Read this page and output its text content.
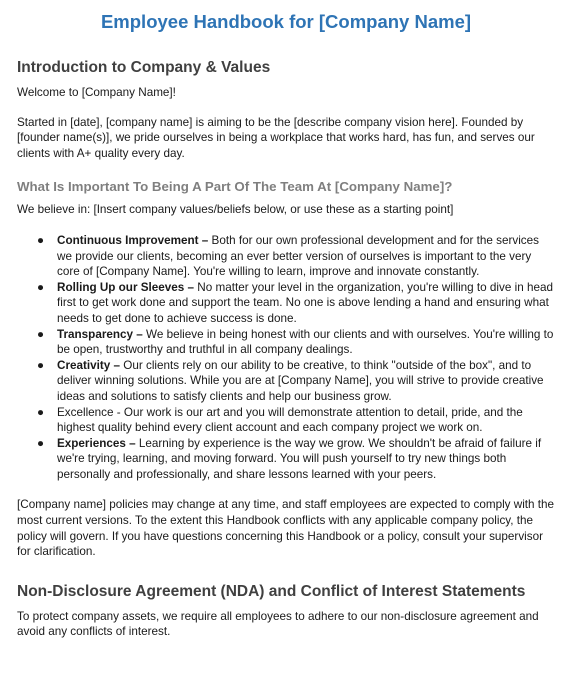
Employee Handbook for [Company Name]
Introduction to Company & Values

Welcome to [Company Name]!

Started in [date], [company name] is aiming to be the [describe company vision here]. Founded by [founder name(s)], we pride ourselves in being a workplace that works hard, has fun, and serves our clients with A+ quality every day.

What Is Important To Being A Part Of The Team At [Company Name]?

We believe in: [Insert company values/beliefs below, or use these as a starting point]

● Continuous Improvement – Both for our own professional development and for the services we provide our clients, becoming an ever better version of ourselves is important to the very core of [Company Name]. You're willing to learn, improve and innovate constantly.
● Rolling Up our Sleeves – No matter your level in the organization, you're willing to dive in head first to get work done and support the team. No one is above lending a hand and ensuring what needs to get done to achieve success is done.
● Transparency – We believe in being honest with our clients and with ourselves. You're willing to be open, trustworthy and truthful in all company dealings.
● Creativity – Our clients rely on our ability to be creative, to think "outside of the box", and to deliver winning solutions. While you are at [Company Name], you will strive to provide creative ideas and solutions to satisfy clients and help our business grow.
● Excellence - Our work is our art and you will demonstrate attention to detail, pride, and the highest quality behind every client account and each company project we work on.
● Experiences – Learning by experience is the way we grow. We shouldn't be afraid of failure if we're trying, learning, and moving forward. You will push yourself to try new things both personally and professionally, and share lessons learned with your peers.

[Company name] policies may change at any time, and staff employees are expected to comply with the most current versions. To the extent this Handbook conflicts with any applicable company policy, the policy will govern. If you have questions concerning this Handbook or a policy, consult your supervisor for clarification.

Non-Disclosure Agreement (NDA) and Conflict of Interest Statements

To protect company assets, we require all employees to adhere to our non-disclosure agreement and avoid any conflicts of interest.
